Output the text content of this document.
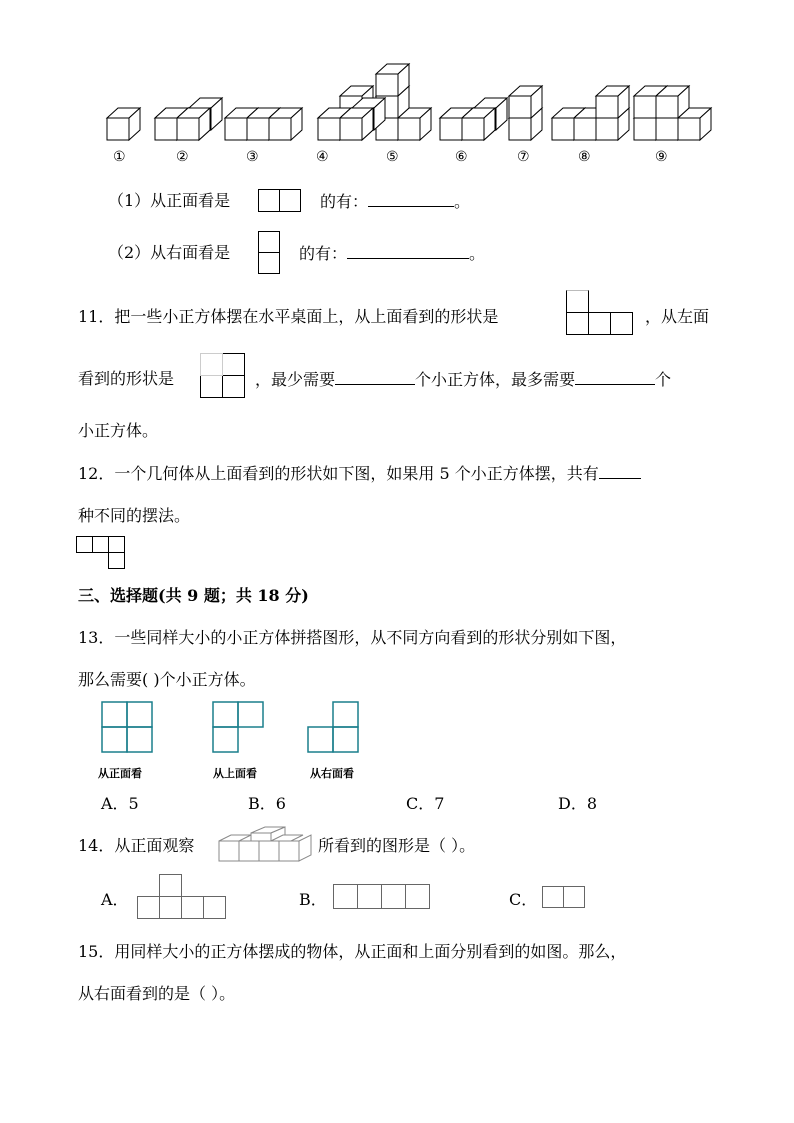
①	②	③	④	⑤	⑥	⑦	⑧	⑨
（1）从正面看是	的有：	。
（2）从右面看是	的有：	。
11．把一些小正方体摆在水平桌面上，从上面看到的形状是	，从左面
看到的形状是	，最少需要	个小正方体，最多需要	个
小正方体。
12．一个几何体从上面看到的形状如下图，如果用 5 个小正方体摆，共有
种不同的摆法。
三、选择题(共 9 题；共 18 分)
13．一些同样大小的小正方体拼搭图形，从不同方向看到的形状分别如下图，
那么需要( )个小正方体。
从正面看	从上面看	从右面看
A．5	B．6	C．7	D．8
14．从正面观察	所看到的图形是（ ）。
A．	B．	C．
15．用同样大小的正方体摆成的物体，从正面和上面分别看到的如图。那么，
从右面看到的是（ ）。
